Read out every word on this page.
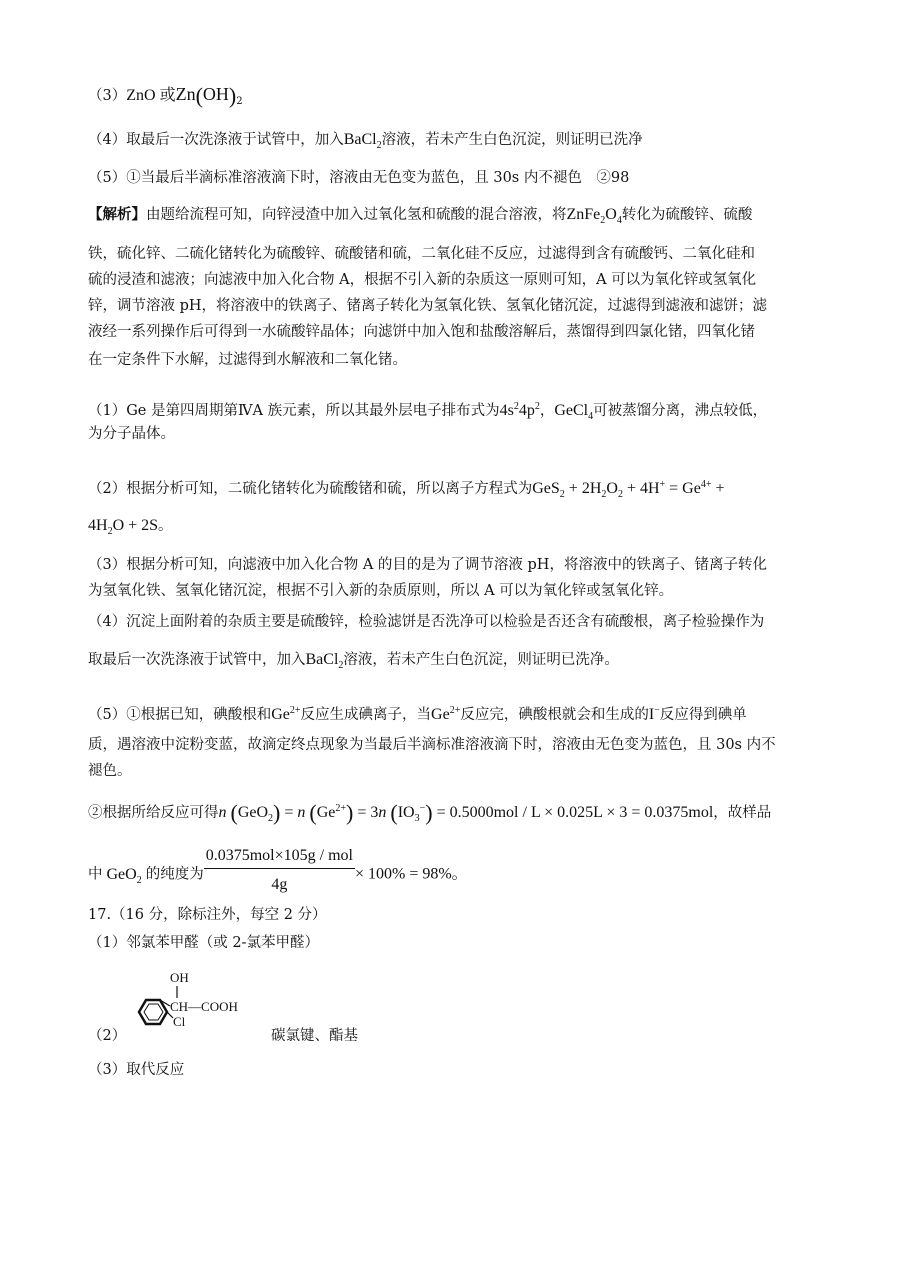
（3）ZnO 或$Zn(OH)_2$
（4）取最后一次洗涤液于试管中，加入BaCl$_2$溶液，若未产生白色沉淀，则证明已洗净
（5）①当最后半滴标准溶液滴下时，溶液由无色变为蓝色，且 30s 内不褪色　②98
【解析】由题给流程可知，向锌浸渣中加入过氧化氢和硫酸的混合溶液，将$ZnFe_2O_4$转化为硫酸锌、硫酸
铁，硫化锌、二硫化锗转化为硫酸锌、硫酸锗和硫，二氧化硅不反应，过滤得到含有硫酸钙、二氧化硅和
硫的浸渣和滤液；向滤液中加入化合物 A，根据不引入新的杂质这一原则可知，A 可以为氧化锌或氢氧化
锌，调节溶液 pH，将溶液中的铁离子、锗离子转化为氢氧化铁、氢氧化锗沉淀，过滤得到滤液和滤饼；滤
液经一系列操作后可得到一水硫酸锌晶体；向滤饼中加入饱和盐酸溶解后，蒸馏得到四氯化锗，四氧化锗
在一定条件下水解，过滤得到水解液和二氧化锗。
（1）Ge 是第四周期第ⅣA 族元素，所以其最外层电子排布式为$4s^24p^2$，GeCl$_4$可被蒸馏分离，沸点较低，
为分子晶体。
（2）根据分析可知，二硫化锗转化为硫酸锗和硫，所以离子方程式为$GeS_2 + 2H_2O_2 + 4H^+ = Ge^{4+}$ +
$4H_2O + 2S$。
（3）根据分析可知，向滤液中加入化合物 A 的目的是为了调节溶液 pH，将溶液中的铁离子、锗离子转化
为氢氧化铁、氢氧化锗沉淀，根据不引入新的杂质原则，所以 A 可以为氧化锌或氢氧化锌。
（4）沉淀上面附着的杂质主要是硫酸锌，检验滤饼是否洗净可以检验是否还含有硫酸根，离子检验操作为
取最后一次洗涤液于试管中，加入BaCl$_2$溶液，若未产生白色沉淀，则证明已洗净。
（5）①根据已知，碘酸根和$Ge^{2+}$反应生成碘离子，当$Ge^{2+}$反应完，碘酸根就会和生成的I−反应得到碘单
质，遇溶液中淀粉变蓝，故滴定终点现象为当最后半滴标准溶液滴下时，溶液由无色变为蓝色，且 30s 内不
褪色。
②根据所给反应可得n (GeO$_2$) = n $(Ge^{2+}) = 3n$ $(IO_3^-) = 0.5000mol / L \times 0.025L \times 3 = 0.0375mol$，故样品
中 GeO$_2$ 的纯度为 $\frac{\text{0.0375mol×105g / mol}}{4g} \times 100\% = 98\%$。
17.（16 分，除标注外，每空 2 分）
（1）邻氯苯甲醛（或 2-氯苯甲醛）
OH
CH—COOH
Cl
（2）	碳氯键、酯基
（3）取代反应
